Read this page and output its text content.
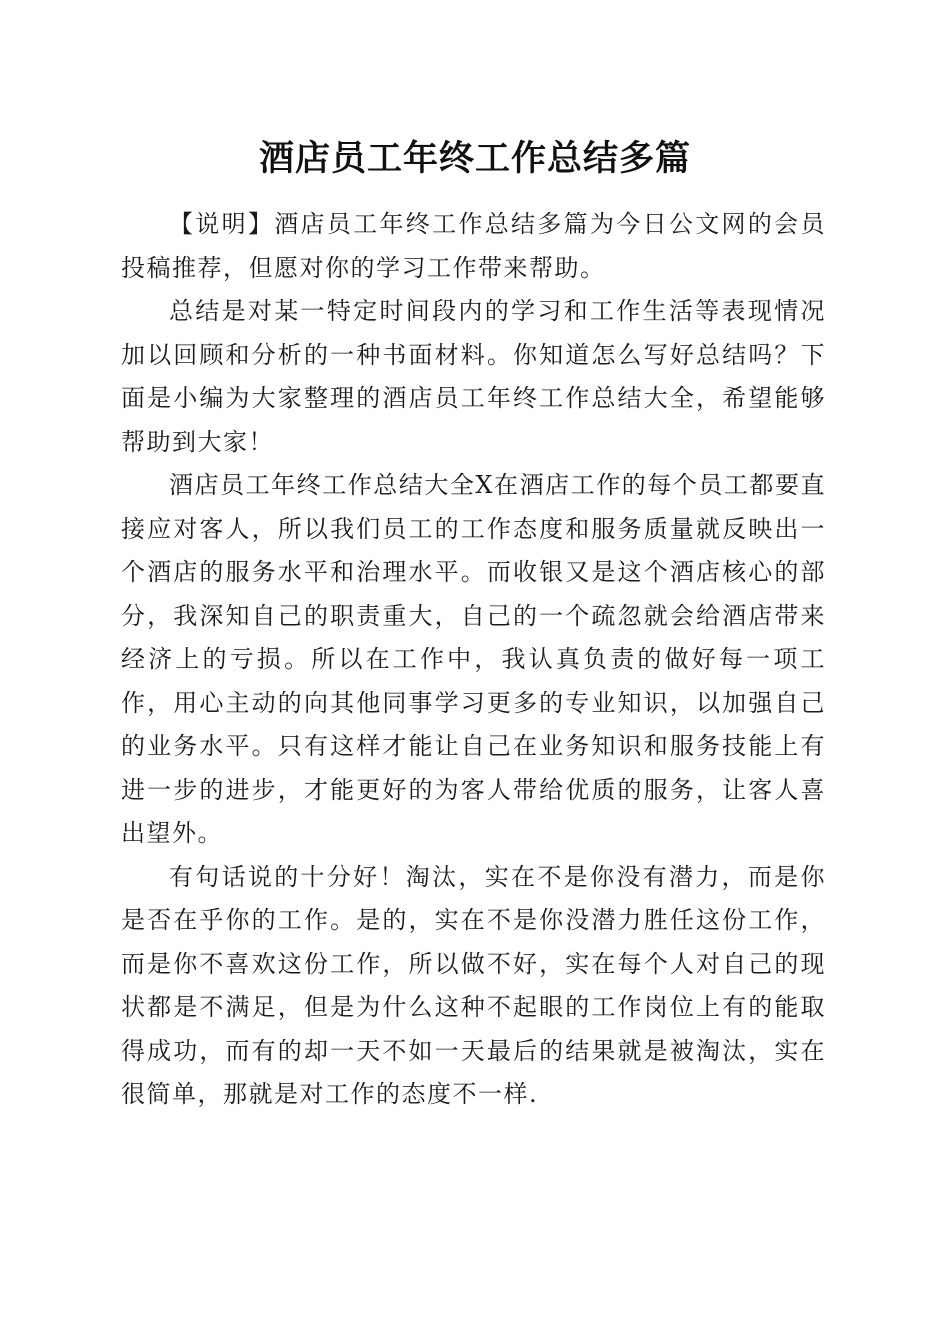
酒店员工年终工作总结多篇

【说明】酒店员工年终工作总结多篇为今日公文网的会员投稿推荐，但愿对你的学习工作带来帮助。

总结是对某一特定时间段内的学习和工作生活等表现情况加以回顾和分析的一种书面材料。你知道怎么写好总结吗？下面是小编为大家整理的酒店员工年终工作总结大全，希望能够帮助到大家！

酒店员工年终工作总结大全X在酒店工作的每个员工都要直接应对客人，所以我们员工的工作态度和服务质量就反映出一个酒店的服务水平和治理水平。而收银又是这个酒店核心的部分，我深知自己的职责重大，自己的一个疏忽就会给酒店带来经济上的亏损。所以在工作中，我认真负责的做好每一项工作，用心主动的向其他同事学习更多的专业知识，以加强自己的业务水平。只有这样才能让自己在业务知识和服务技能上有进一步的进步，才能更好的为客人带给优质的服务，让客人喜出望外。

有句话说的十分好！淘汰，实在不是你没有潜力，而是你是否在乎你的工作。是的，实在不是你没潜力胜任这份工作，而是你不喜欢这份工作，所以做不好，实在每个人对自己的现状都是不满足，但是为什么这种不起眼的工作岗位上有的能取得成功，而有的却一天不如一天最后的结果就是被淘汰，实在很简单，那就是对工作的态度不一样.
